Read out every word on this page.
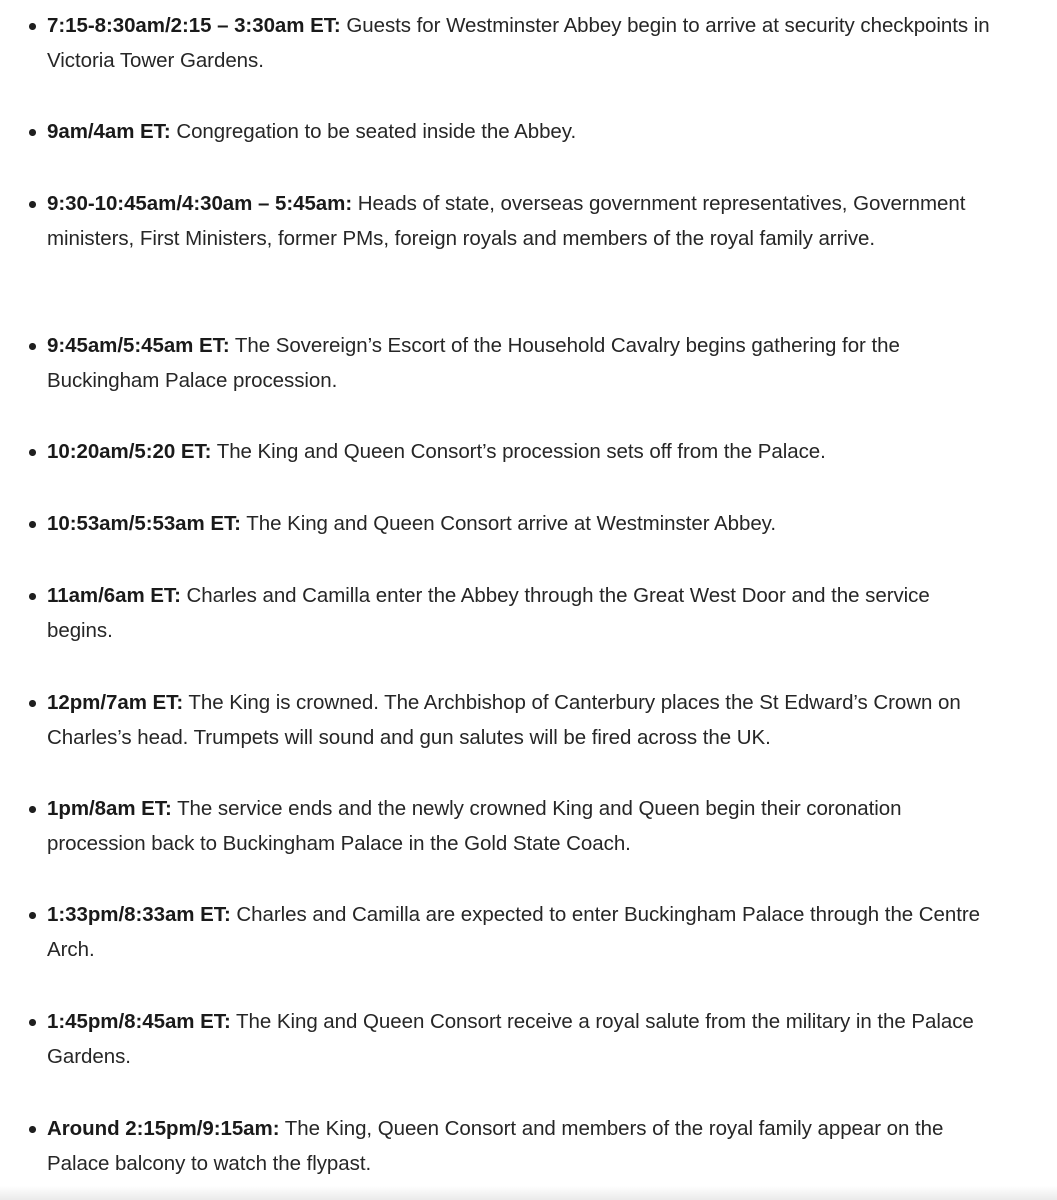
7:15-8:30am/2:15 – 3:30am ET: Guests for Westminster Abbey begin to arrive at security checkpoints in Victoria Tower Gardens.
9am/4am ET: Congregation to be seated inside the Abbey.
9:30-10:45am/4:30am – 5:45am: Heads of state, overseas government representatives, Government ministers, First Ministers, former PMs, foreign royals and members of the royal family arrive.
9:45am/5:45am ET: The Sovereign’s Escort of the Household Cavalry begins gathering for the Buckingham Palace procession.
10:20am/5:20 ET: The King and Queen Consort’s procession sets off from the Palace.
10:53am/5:53am ET: The King and Queen Consort arrive at Westminster Abbey.
11am/6am ET: Charles and Camilla enter the Abbey through the Great West Door and the service begins.
12pm/7am ET: The King is crowned. The Archbishop of Canterbury places the St Edward’s Crown on Charles’s head. Trumpets will sound and gun salutes will be fired across the UK.
1pm/8am ET: The service ends and the newly crowned King and Queen begin their coronation procession back to Buckingham Palace in the Gold State Coach.
1:33pm/8:33am ET: Charles and Camilla are expected to enter Buckingham Palace through the Centre Arch.
1:45pm/8:45am ET: The King and Queen Consort receive a royal salute from the military in the Palace Gardens.
Around 2:15pm/9:15am: The King, Queen Consort and members of the royal family appear on the Palace balcony to watch the flypast.
